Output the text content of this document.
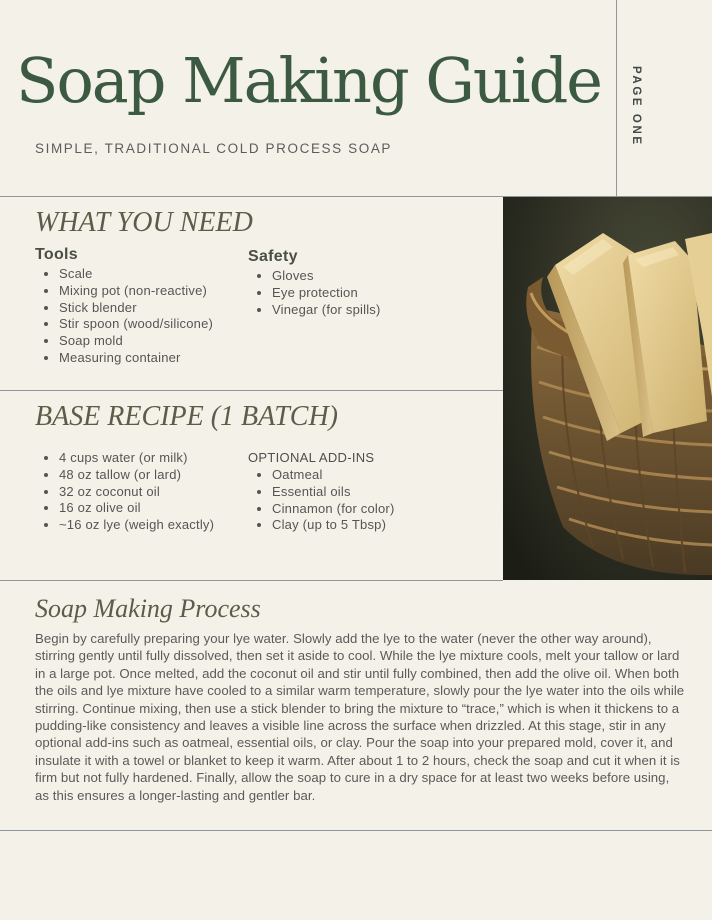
Soap Making Guide
SIMPLE, TRADITIONAL COLD PROCESS SOAP
PAGE ONE
WHAT YOU NEED
Tools
• Scale
• Mixing pot (non-reactive)
• Stick blender
• Stir spoon (wood/silicone)
• Soap mold
• Measuring container
Safety
• Gloves
• Eye protection
• Vinegar (for spills)
BASE RECIPE (1 BATCH)
• 4 cups water (or milk)
• 48 oz tallow (or lard)
• 32 oz coconut oil
• 16 oz olive oil
• ~16 oz lye (weigh exactly)
OPTIONAL ADD-INS
• Oatmeal
• Essential oils
• Cinnamon (for color)
• Clay (up to 5 Tbsp)
Soap Making Process

Begin by carefully preparing your lye water. Slowly add the lye to the water (never the other way around), stirring gently until fully dissolved, then set it aside to cool. While the lye mixture cools, melt your tallow or lard in a large pot. Once melted, add the coconut oil and stir until fully combined, then add the olive oil. When both the oils and lye mixture have cooled to a similar warm temperature, slowly pour the lye water into the oils while stirring. Continue mixing, then use a stick blender to bring the mixture to “trace,” which is when it thickens to a pudding-like consistency and leaves a visible line across the surface when drizzled. At this stage, stir in any optional add-ins such as oatmeal, essential oils, or clay. Pour the soap into your prepared mold, cover it, and insulate it with a towel or blanket to keep it warm. After about 1 to 2 hours, check the soap and cut it when it is firm but not fully hardened. Finally, allow the soap to cure in a dry space for at least two weeks before using, as this ensures a longer-lasting and gentler bar.
